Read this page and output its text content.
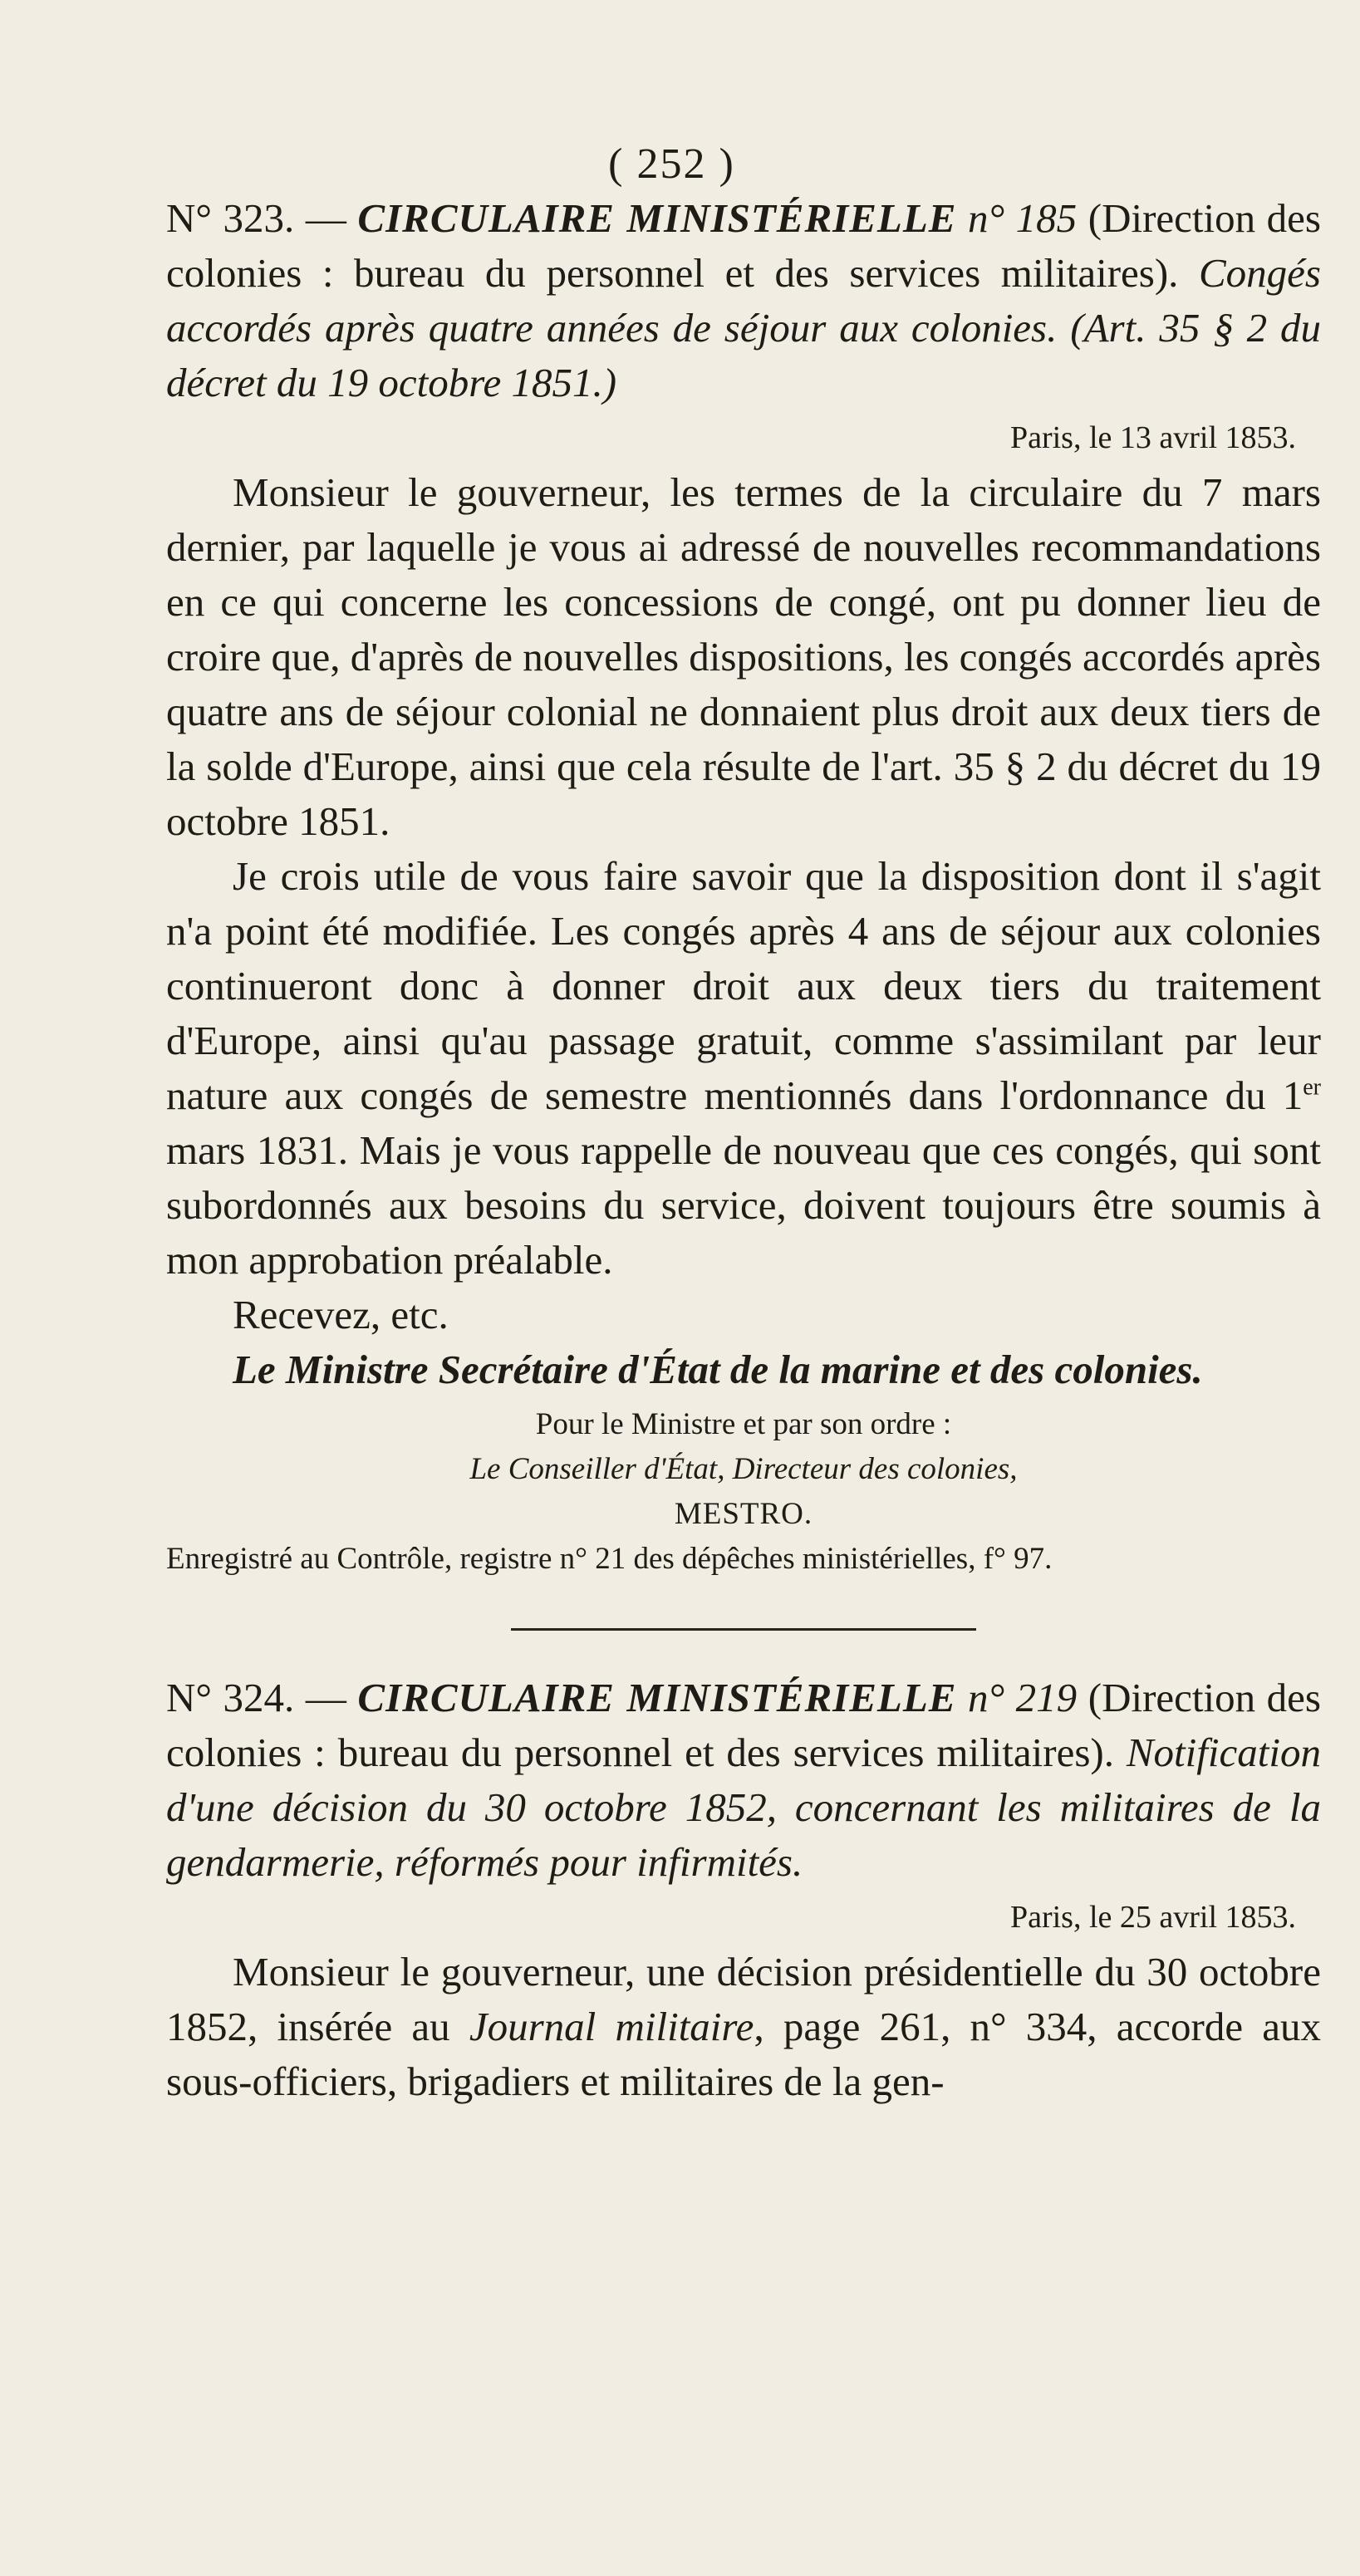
( 252 )

N° 323. — CIRCULAIRE MINISTÉRIELLE n° 185 (Direction des colonies : bureau du personnel et des services militaires). Congés accordés après quatre années de séjour aux colonies. (Art. 35 § 2 du décret du 19 octobre 1851.)

Paris, le 13 avril 1853.

Monsieur le gouverneur, les termes de la circulaire du 7 mars dernier, par laquelle je vous ai adressé de nouvelles recommandations en ce qui concerne les concessions de congé, ont pu donner lieu de croire que, d'après de nouvelles dispositions, les congés accordés après quatre ans de séjour colonial ne donnaient plus droit aux deux tiers de la solde d'Europe, ainsi que cela résulte de l'art. 35 § 2 du décret du 19 octobre 1851.

Je crois utile de vous faire savoir que la disposition dont il s'agit n'a point été modifiée. Les congés après 4 ans de séjour aux colonies continueront donc à donner droit aux deux tiers du traitement d'Europe, ainsi qu'au passage gratuit, comme s'assimilant par leur nature aux congés de semestre mentionnés dans l'ordonnance du 1er mars 1831. Mais je vous rappelle de nouveau que ces congés, qui sont subordonnés aux besoins du service, doivent toujours être soumis à mon approbation préalable.

Recevez, etc.

Le Ministre Secrétaire d'État de la marine et des colonies.

Pour le Ministre et par son ordre :

Le Conseiller d'État, Directeur des colonies,

MESTRO.

Enregistré au Contrôle, registre n° 21 des dépêches ministérielles, f° 97.

N° 324. — CIRCULAIRE MINISTÉRIELLE n° 219 (Direction des colonies : bureau du personnel et des services militaires). Notification d'une décision du 30 octobre 1852, concernant les militaires de la gendarmerie, réformés pour infirmités.

Paris, le 25 avril 1853.

Monsieur le gouverneur, une décision présidentielle du 30 octobre 1852, insérée au Journal militaire, page 261, n° 334, accorde aux sous-officiers, brigadiers et militaires de la gen-
